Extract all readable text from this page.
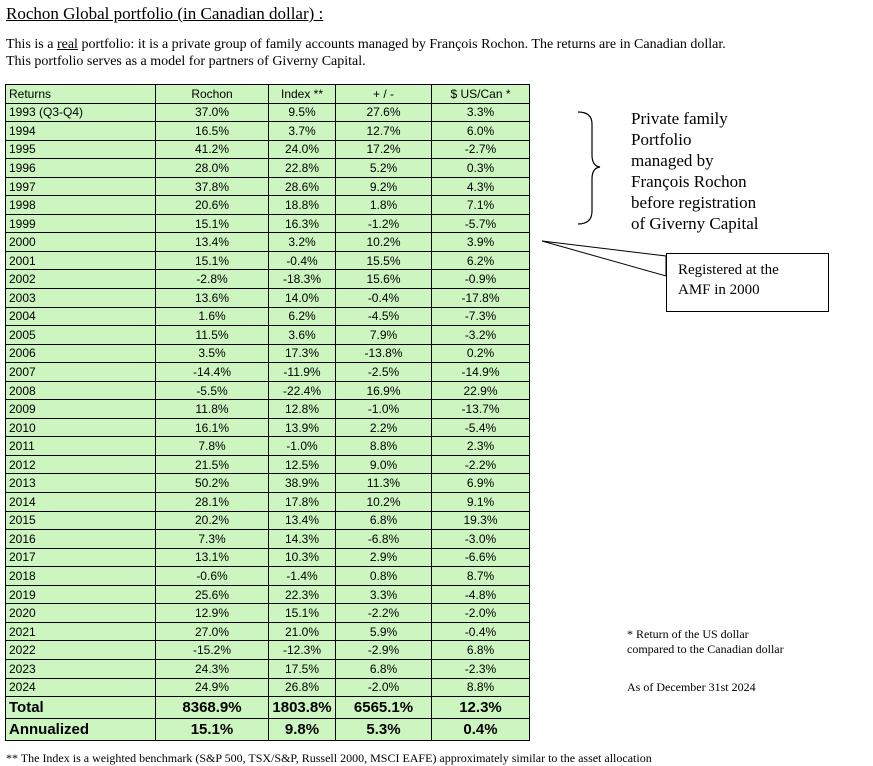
Rochon Global portfolio (in Canadian dollar) :
This is a real portfolio: it is a private group of family accounts managed by François Rochon. The returns are in Canadian dollar.
This portfolio serves as a model for partners of Giverny Capital.
Returns	Rochon	Index **	+ / -	$ US/Can *
1993 (Q3-Q4)	37.0%	9.5%	27.6%	3.3%
1994	16.5%	3.7%	12.7%	6.0%
1995	41.2%	24.0%	17.2%	-2.7%
1996	28.0%	22.8%	5.2%	0.3%
1997	37.8%	28.6%	9.2%	4.3%
1998	20.6%	18.8%	1.8%	7.1%
1999	15.1%	16.3%	-1.2%	-5.7%
2000	13.4%	3.2%	10.2%	3.9%
2001	15.1%	-0.4%	15.5%	6.2%
2002	-2.8%	-18.3%	15.6%	-0.9%
2003	13.6%	14.0%	-0.4%	-17.8%
2004	1.6%	6.2%	-4.5%	-7.3%
2005	11.5%	3.6%	7.9%	-3.2%
2006	3.5%	17.3%	-13.8%	0.2%
2007	-14.4%	-11.9%	-2.5%	-14.9%
2008	-5.5%	-22.4%	16.9%	22.9%
2009	11.8%	12.8%	-1.0%	-13.7%
2010	16.1%	13.9%	2.2%	-5.4%
2011	7.8%	-1.0%	8.8%	2.3%
2012	21.5%	12.5%	9.0%	-2.2%
2013	50.2%	38.9%	11.3%	6.9%
2014	28.1%	17.8%	10.2%	9.1%
2015	20.2%	13.4%	6.8%	19.3%
2016	7.3%	14.3%	-6.8%	-3.0%
2017	13.1%	10.3%	2.9%	-6.6%
2018	-0.6%	-1.4%	0.8%	8.7%
2019	25.6%	22.3%	3.3%	-4.8%
2020	12.9%	15.1%	-2.2%	-2.0%
2021	27.0%	21.0%	5.9%	-0.4%
2022	-15.2%	-12.3%	-2.9%	6.8%
2023	24.3%	17.5%	6.8%	-2.3%
2024	24.9%	26.8%	-2.0%	8.8%
Total	8368.9%	1803.8%	6565.1%	12.3%
Annualized	15.1%	9.8%	5.3%	0.4%
Private family
Portfolio
managed by
François Rochon
before registration
of Giverny Capital
Registered at the
AMF in 2000
* Return of the US dollar
compared to the Canadian dollar
As of December 31st 2024
** The Index is a weighted benchmark (S&P 500, TSX/S&P, Russell 2000, MSCI EAFE) approximately similar to the asset allocation
